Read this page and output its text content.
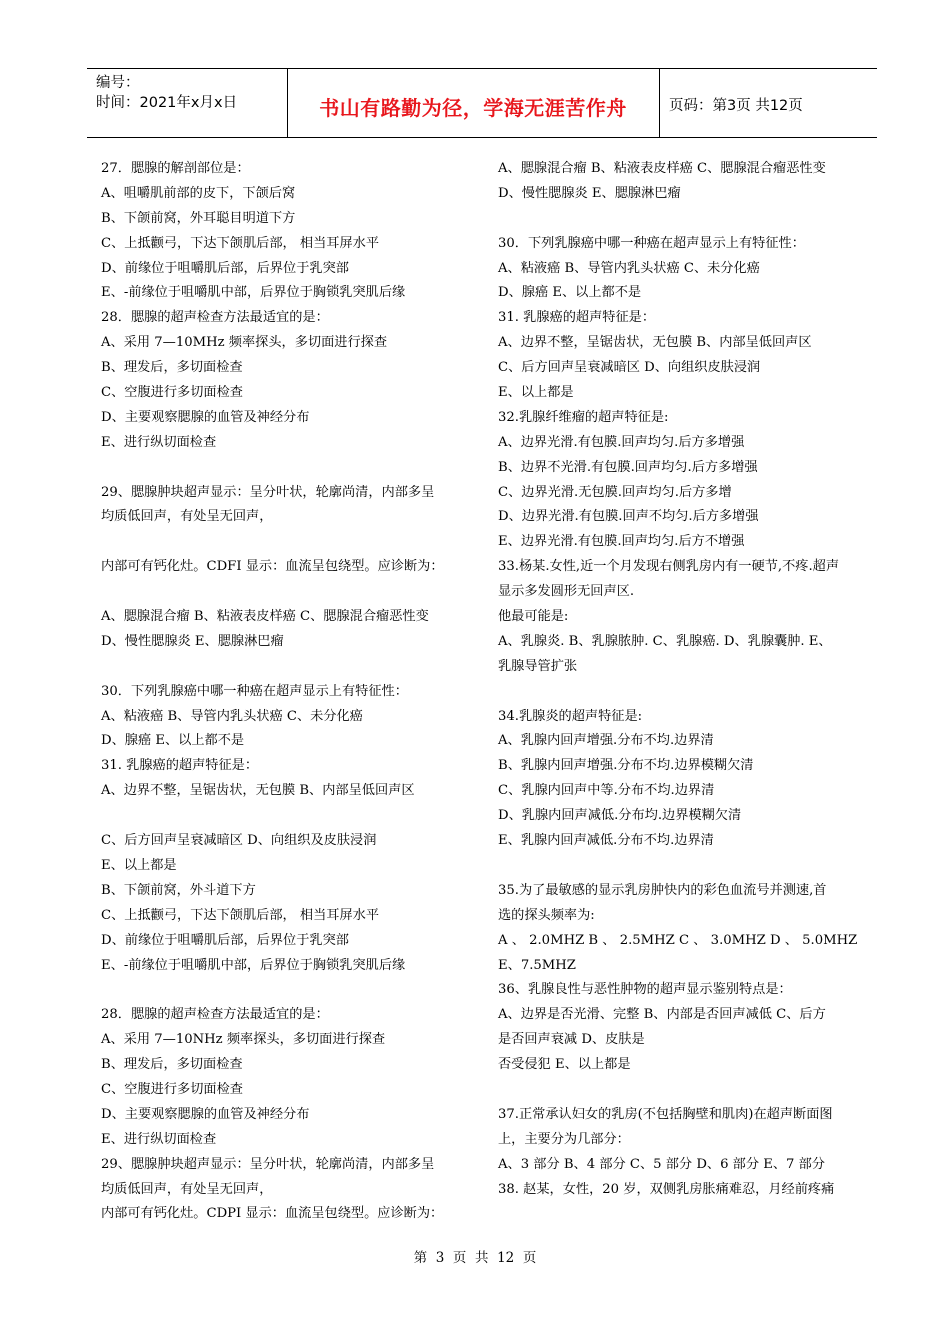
编号：
时间：2021年x月x日	书山有路勤为径，学海无涯苦作舟	页码：第3页 共12页
27．腮腺的解剖部位是：
A、咀嚼肌前部的皮下，下颌后窝
B、下颌前窝，外耳聪目明道下方
C、上抵颧弓，下达下颌肌后部， 相当耳屏水平
D、前缘位于咀嚼肌后部，后界位于乳突部
E、-前缘位于咀嚼肌中部，后界位于胸锁乳突肌后缘
28．腮腺的超声检查方法最适宜的是：
A、采用 7—10MHz 频率探头，多切面进行探查
B、理发后，多切面检查
C、空腹进行多切面检查
D、主要观察腮腺的血管及神经分布
E、进行纵切面检查
29、腮腺肿块超声显示：呈分叶状，轮廓尚清，内部多呈
均质低回声，有处呈无回声，
内部可有钙化灶。CDFI 显示：血流呈包绕型。应诊断为：
A、腮腺混合瘤 B、粘液表皮样癌 C、腮腺混合瘤恶性变
D、慢性腮腺炎 E、腮腺淋巴瘤
30．下列乳腺癌中哪一种癌在超声显示上有特征性：
A、粘液癌 B、导管内乳头状癌 C、未分化癌
D、腺癌 E、以上都不是
31. 乳腺癌的超声特征是：
A、边界不整，呈锯齿状，无包膜 B、内部呈低回声区
C、后方回声呈衰减暗区 D、向组织及皮肤浸润
E、以上都是
B、下颌前窝，外斗道下方
C、上抵颧弓，下达下颌肌后部， 相当耳屏水平
D、前缘位于咀嚼肌后部，后界位于乳突部
E、-前缘位于咀嚼肌中部，后界位于胸锁乳突肌后缘
28．腮腺的超声检查方法最适宜的是：
A、采用 7—10NHz 频率探头，多切面进行探查
B、理发后，多切面检查
C、空腹进行多切面检查
D、主要观察腮腺的血管及神经分布
E、进行纵切面检查
29、腮腺肿块超声显示：呈分叶状，轮廓尚清，内部多呈
均质低回声，有处呈无回声，
内部可有钙化灶。CDPI 显示：血流呈包绕型。应诊断为：
A、腮腺混合瘤 B、粘液表皮样癌 C、腮腺混合瘤恶性变
D、慢性腮腺炎 E、腮腺淋巴瘤
30．下列乳腺癌中哪一种癌在超声显示上有特征性：
A、粘液癌 B、导管内乳头状癌 C、未分化癌
D、腺癌 E、以上都不是
31. 乳腺癌的超声特征是：
A、边界不整，呈锯齿状，无包膜 B、内部呈低回声区
C、后方回声呈衰减暗区 D、向组织皮肤浸润
E、以上都是
32.乳腺纤维瘤的超声特征是:
A、边界光滑.有包膜.回声均匀.后方多增强
B、边界不光滑.有包膜.回声均匀.后方多增强
C、边界光滑.无包膜.回声均匀.后方多增
D、边界光滑.有包膜.回声不均匀.后方多增强
E、边界光滑.有包膜.回声均匀.后方不增强
33.杨某.女性,近一个月发现右侧乳房内有一硬节,不疼.超声
显示多发圆形无回声区.
他最可能是:
A、乳腺炎. B、乳腺脓肿. C、乳腺癌. D、乳腺囊肿. E、
乳腺导管扩张
34.乳腺炎的超声特征是:
A、乳腺内回声增强.分布不均.边界清
B、乳腺内回声增强.分布不均.边界模糊欠清
C、乳腺内回声中等.分布不均.边界清
D、乳腺内回声减低.分布均.边界模糊欠清
E、乳腺内回声减低.分布不均.边界清
35.为了最敏感的显示乳房肿快内的彩色血流号并测速,首
选的探头频率为:
A 、 2.0MHZ B 、 2.5MHZ C 、 3.0MHZ D 、 5.0MHZ
E、7.5MHZ
36、乳腺良性与恶性肿物的超声显示鉴别特点是：
A、边界是否光滑、完整 B、内部是否回声减低 C、后方
是否回声衰减 D、皮肤是
否受侵犯 E、以上都是
37.正常承认妇女的乳房(不包括胸壁和肌肉)在超声断面图
上，主要分为几部分：
A、3 部分 B、4 部分 C、5 部分 D、6 部分 E、7 部分
38. 赵某，女性，20 岁，双侧乳房胀痛难忍，月经前疼痛
第  3  页  共  12  页
